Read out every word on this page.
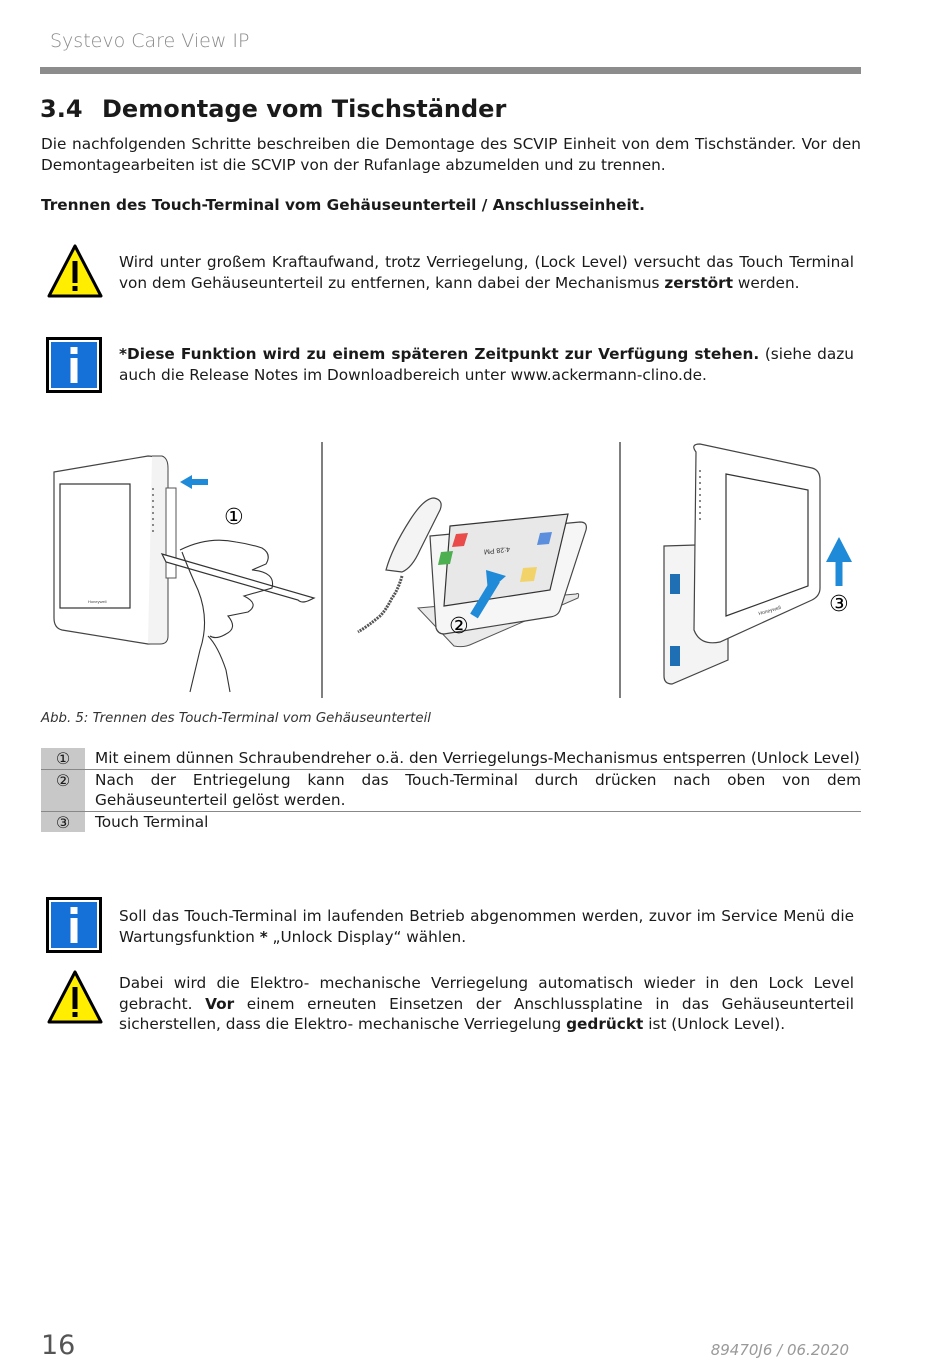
Systevo Care View IP
3.4 Demontage vom Tischständer
Die nachfolgenden Schritte beschreiben die Demontage des SCVIP Einheit von dem Tischständer. Vor den Demontagearbeiten ist die SCVIP von der Rufanlage abzumelden und zu trennen.
Trennen des Touch-Terminal vom Gehäuseunterteil / Anschlusseinheit.
Wird unter großem Kraftaufwand, trotz Verriegelung, (Lock Level) versucht das Touch Terminal von dem Gehäuseunterteil zu entfernen, kann dabei der Mechanismus zerstört werden.
*Diese Funktion wird zu einem späteren Zeitpunkt zur Verfügung stehen. (siehe dazu auch die Release Notes im Downloadbereich unter www.ackermann-clino.de.
Honeywell
①
4:28 PM
②
Honeywell ③
Abb. 5: Trennen des Touch-Terminal vom Gehäuseunterteil
①	Mit einem dünnen Schraubendreher o.ä. den Verriegelungs-Mechanismus entsperren (Unlock Level)
②	Nach der Entriegelung kann das Touch-Terminal durch drücken nach oben von dem Gehäuseunterteil gelöst werden.
③	Touch Terminal
Soll das Touch-Terminal im laufenden Betrieb abgenommen werden, zuvor im Service Menü die Wartungsfunktion * „Unlock Display“ wählen.
Dabei wird die Elektro- mechanische Verriegelung automatisch wieder in den Lock Level gebracht. Vor einem erneuten Einsetzen der Anschlussplatine in das Gehäuseunterteil sicherstellen, dass die Elektro- mechanische Verriegelung gedrückt ist (Unlock Level).
16	89470J6 / 06.2020
